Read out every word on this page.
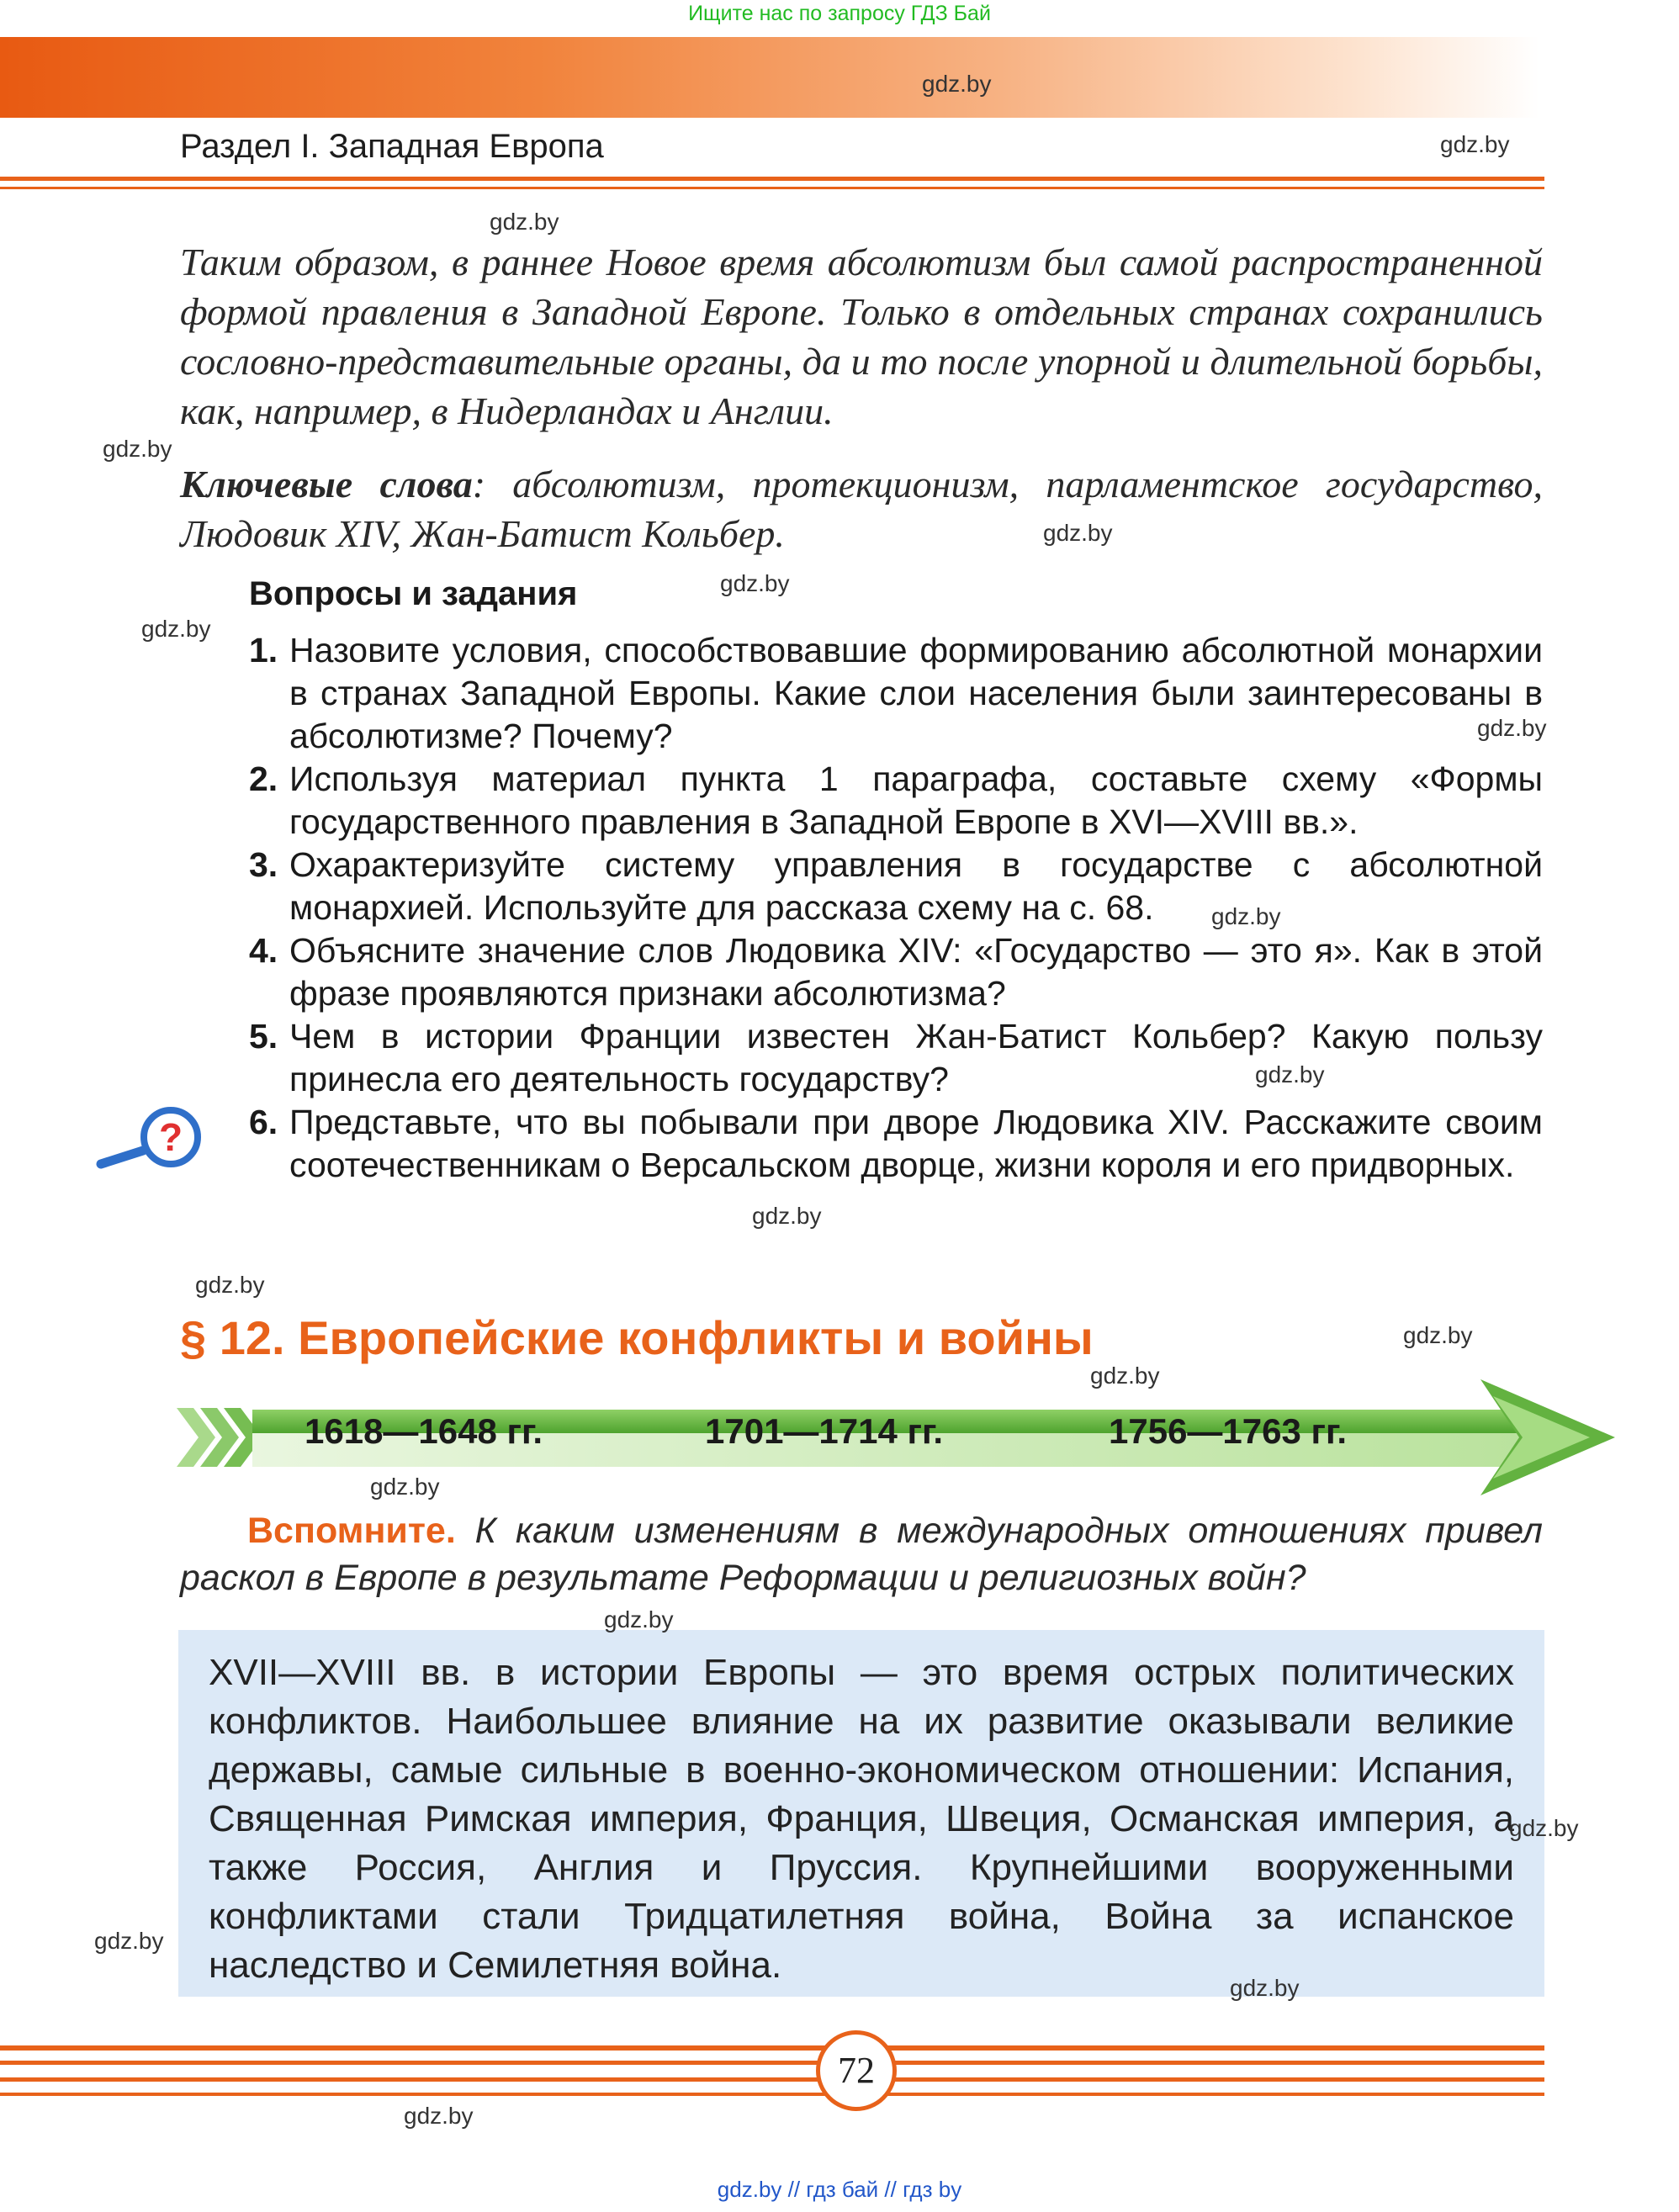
Ищите нас по запросу ГДЗ Бай
Раздел I. Западная Европа
Таким образом, в раннее Новое время абсолютизм был самой распространенной формой правления в Западной Европе. Только в отдельных странах сохранились сословно-представительные органы, да и то после упорной и длительной борьбы, как, например, в Нидерландах и Англии.
Ключевые слова: абсолютизм, протекционизм, парламентское государство, Людовик XIV, Жан-Батист Кольбер.
Вопросы и задания
1. Назовите условия, способствовавшие формированию абсолютной монархии в странах Западной Европы. Какие слои населения были заинтересованы в абсолютизме? Почему?
2. Используя материал пункта 1 параграфа, составьте схему «Формы государственного правления в Западной Европе в XVI—XVIII вв.».
3. Охарактеризуйте систему управления в государстве с абсолютной монархией. Используйте для рассказа схему на с. 68.
4. Объясните значение слов Людовика XIV: «Государство — это я». Как в этой фразе проявляются признаки абсолютизма?
5. Чем в истории Франции известен Жан-Батист Кольбер? Какую пользу принесла его деятельность государству?
6. Представьте, что вы побывали при дворе Людовика XIV. Расскажите своим соотечественникам о Версальском дворце, жизни короля и его придворных.
?
§ 12. Европейские конфликты и войны
1618—1648 гг.	1701—1714 гг.	1756—1763 гг.
Вспомните. К каким изменениям в международных отношениях привел раскол в Европе в результате Реформации и религиозных войн?
XVII—XVIII вв. в истории Европы — это время острых политических конфликтов. Наибольшее влияние на их развитие оказывали великие державы, самые сильные в военно-экономическом отношении: Испания, Священная Римская империя, Франция, Швеция, Османская империя, а также Россия, Англия и Пруссия. Крупнейшими вооруженными конфликтами стали Тридцатилетняя война, Война за испанское наследство и Семилетняя война.
72
gdz.by
gdz.by
gdz.by
gdz.by
gdz.by
gdz.by
gdz.by
gdz.by
gdz.by
gdz.by
gdz.by
gdz.by
gdz.by
gdz.by
gdz.by
gdz.by
gdz.by
gdz.by
gdz.by
gdz.by
gdz.by // гдз бай // гдз by
